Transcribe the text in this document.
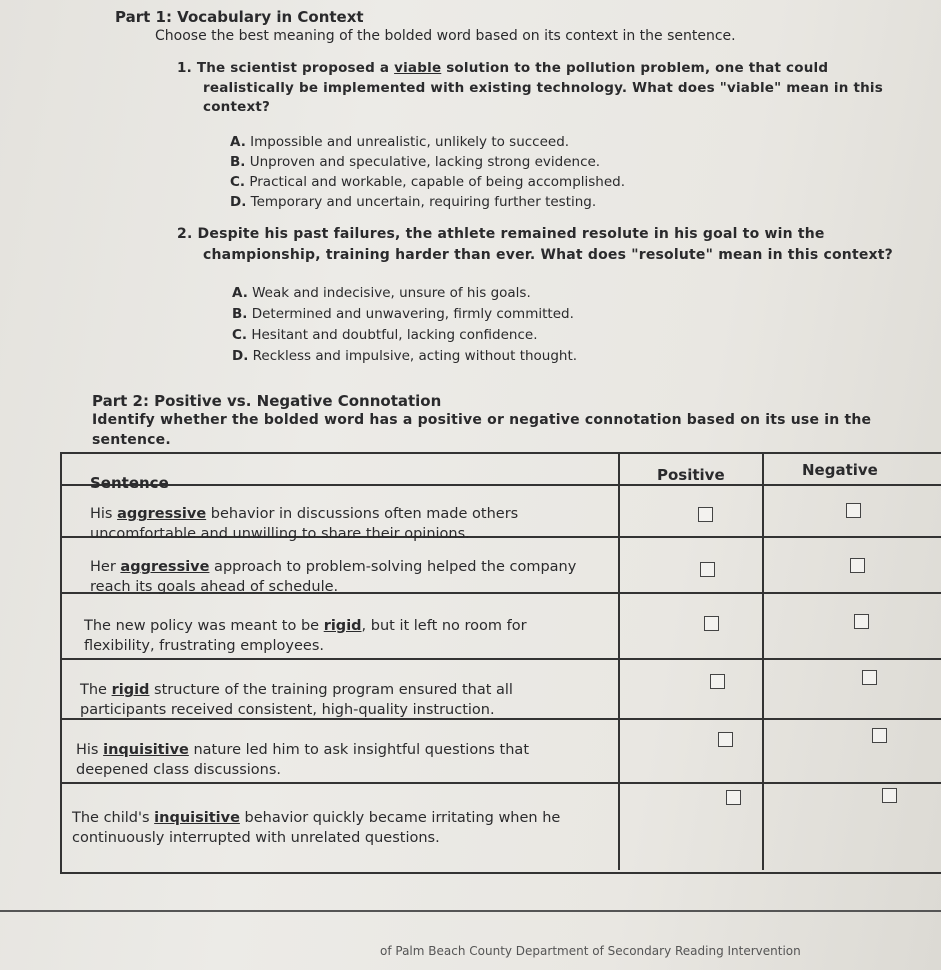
Part 1: Vocabulary in Context
Choose the best meaning of the bolded word based on its context in the sentence.
1. The scientist proposed a viable solution to the pollution problem, one that could
realistically be implemented with existing technology. What does "viable" mean in this
context?
A. Impossible and unrealistic, unlikely to succeed.
B. Unproven and speculative, lacking strong evidence.
C. Practical and workable, capable of being accomplished.
D. Temporary and uncertain, requiring further testing.
2. Despite his past failures, the athlete remained resolute in his goal to win the
championship, training harder than ever. What does "resolute" mean in this context?
A. Weak and indecisive, unsure of his goals.
B. Determined and unwavering, firmly committed.
C. Hesitant and doubtful, lacking confidence.
D. Reckless and impulsive, acting without thought.
Part 2: Positive vs. Negative Connotation
Identify whether the bolded word has a positive or negative connotation based on its use in the
sentence.
Sentence	Positive	Negative
His aggressive behavior in discussions often made others
uncomfortable and unwilling to share their opinions.
Her aggressive approach to problem-solving helped the company
reach its goals ahead of schedule.
The new policy was meant to be rigid, but it left no room for
flexibility, frustrating employees.
The rigid structure of the training program ensured that all
participants received consistent, high-quality instruction.
His inquisitive nature led him to ask insightful questions that
deepened class discussions.
The child's inquisitive behavior quickly became irritating when he
continuously interrupted with unrelated questions.
of Palm Beach County Department of Secondary Reading Intervention
